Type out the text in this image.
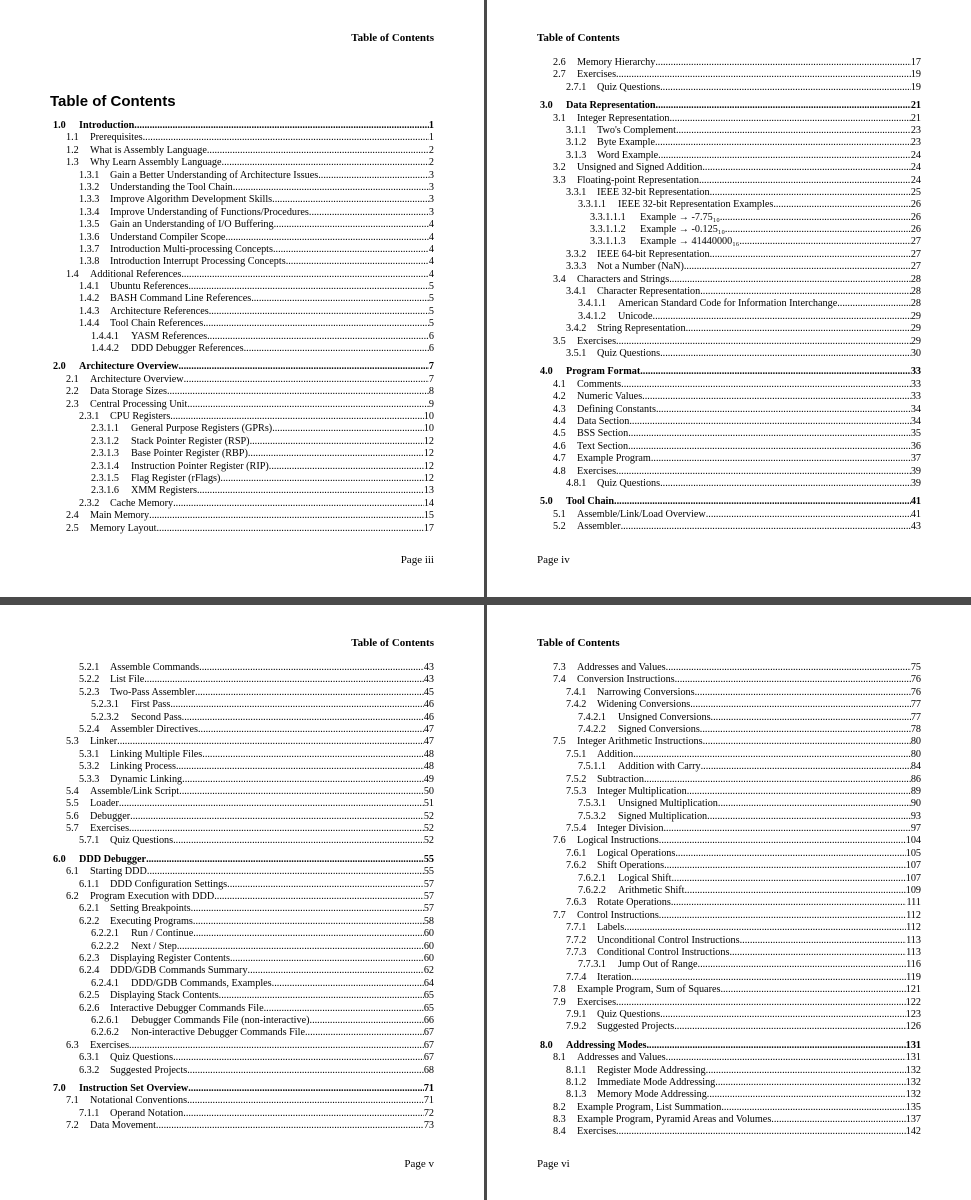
Table of Contents
Table of Contents
1.0	Introduction .....	1
1.1	Prerequisites .....	1
1.2	What is Assembly Language .....	2
1.3	Why Learn Assembly Language .....	2
1.3.1	Gain a Better Understanding of Architecture Issues .....	3
1.3.2	Understanding the Tool Chain .....	3
1.3.3	Improve Algorithm Development Skills .....	3
1.3.4	Improve Understanding of Functions/Procedures .....	3
1.3.5	Gain an Understanding of I/O Buffering .....	4
1.3.6	Understand Compiler Scope .....	4
1.3.7	Introduction Multi-processing Concepts .....	4
1.3.8	Introduction Interrupt Processing Concepts .....	4
1.4	Additional References .....	4
1.4.1	Ubuntu References .....	5
1.4.2	BASH Command Line References .....	5
1.4.3	Architecture References .....	5
1.4.4	Tool Chain References .....	5
1.4.4.1	YASM References .....	6
1.4.4.2	DDD Debugger References .....	6
2.0	Architecture Overview .....	7
2.1	Architecture Overview .....	7
2.2	Data Storage Sizes .....	8
2.3	Central Processing Unit .....	9
2.3.1	CPU Registers .....	10
2.3.1.1	General Purpose Registers (GPRs) .....	10
2.3.1.2	Stack Pointer Register (RSP) .....	12
2.3.1.3	Base Pointer Register (RBP) .....	12
2.3.1.4	Instruction Pointer Register (RIP) .....	12
2.3.1.5	Flag Register (rFlags) .....	12
2.3.1.6	XMM Registers .....	13
2.3.2	Cache Memory .....	14
2.4	Main Memory .....	15
2.5	Memory Layout .....	17
Page iii
Table of Contents
2.6	Memory Hierarchy .....	17
2.7	Exercises .....	19
2.7.1	Quiz Questions .....	19
3.0	Data Representation .....	21
3.1	Integer Representation .....	21
3.1.1	Two's Complement .....	23
3.1.2	Byte Example .....	23
3.1.3	Word Example .....	24
3.2	Unsigned and Signed Addition .....	24
3.3	Floating-point Representation .....	24
3.3.1	IEEE 32-bit Representation .....	25
3.3.1.1	IEEE 32-bit Representation Examples .....	26
3.3.1.1.1	Example → -7.75₁₀ .....	26
3.3.1.1.2	Example → -0.125₁₀ .....	26
3.3.1.1.3	Example → 41440000₁₆ .....	27
3.3.2	IEEE 64-bit Representation .....	27
3.3.3	Not a Number (NaN) .....	27
3.4	Characters and Strings .....	28
3.4.1	Character Representation .....	28
3.4.1.1	American Standard Code for Information Interchange .....	28
3.4.1.2	Unicode .....	29
3.4.2	String Representation .....	29
3.5	Exercises .....	29
3.5.1	Quiz Questions .....	30
4.0	Program Format .....	33
4.1	Comments .....	33
4.2	Numeric Values .....	33
4.3	Defining Constants .....	34
4.4	Data Section .....	34
4.5	BSS Section .....	35
4.6	Text Section .....	36
4.7	Example Program .....	37
4.8	Exercises .....	39
4.8.1	Quiz Questions .....	39
5.0	Tool Chain .....	41
5.1	Assemble/Link/Load Overview .....	41
5.2	Assembler .....	43
Page iv
Table of Contents
5.2.1	Assemble Commands .....	43
5.2.2	List File .....	43
5.2.3	Two-Pass Assembler .....	45
5.2.3.1	First Pass .....	46
5.2.3.2	Second Pass .....	46
5.2.4	Assembler Directives .....	47
5.3	Linker .....	47
5.3.1	Linking Multiple Files .....	48
5.3.2	Linking Process .....	48
5.3.3	Dynamic Linking .....	49
5.4	Assemble/Link Script .....	50
5.5	Loader .....	51
5.6	Debugger .....	52
5.7	Exercises .....	52
5.7.1	Quiz Questions .....	52
6.0	DDD Debugger .....	55
6.1	Starting DDD .....	55
6.1.1	DDD Configuration Settings .....	57
6.2	Program Execution with DDD .....	57
6.2.1	Setting Breakpoints .....	57
6.2.2	Executing Programs .....	58
6.2.2.1	Run / Continue .....	60
6.2.2.2	Next / Step .....	60
6.2.3	Displaying Register Contents .....	60
6.2.4	DDD/GDB Commands Summary .....	62
6.2.4.1	DDD/GDB Commands, Examples .....	64
6.2.5	Displaying Stack Contents .....	65
6.2.6	Interactive Debugger Commands File .....	65
6.2.6.1	Debugger Commands File (non-interactive) .....	66
6.2.6.2	Non-interactive Debugger Commands File .....	67
6.3	Exercises .....	67
6.3.1	Quiz Questions .....	67
6.3.2	Suggested Projects .....	68
7.0	Instruction Set Overview .....	71
7.1	Notational Conventions .....	71
7.1.1	Operand Notation .....	72
7.2	Data Movement .....	73
Page v
Table of Contents
7.3	Addresses and Values .....	75
7.4	Conversion Instructions .....	76
7.4.1	Narrowing Conversions .....	76
7.4.2	Widening Conversions .....	77
7.4.2.1	Unsigned Conversions .....	77
7.4.2.2	Signed Conversions .....	78
7.5	Integer Arithmetic Instructions .....	80
7.5.1	Addition .....	80
7.5.1.1	Addition with Carry .....	84
7.5.2	Subtraction .....	86
7.5.3	Integer Multiplication .....	89
7.5.3.1	Unsigned Multiplication .....	90
7.5.3.2	Signed Multiplication .....	93
7.5.4	Integer Division .....	97
7.6	Logical Instructions .....	104
7.6.1	Logical Operations .....	105
7.6.2	Shift Operations .....	107
7.6.2.1	Logical Shift .....	107
7.6.2.2	Arithmetic Shift .....	109
7.6.3	Rotate Operations .....	111
7.7	Control Instructions .....	112
7.7.1	Labels .....	112
7.7.2	Unconditional Control Instructions .....	113
7.7.3	Conditional Control Instructions .....	113
7.7.3.1	Jump Out of Range .....	116
7.7.4	Iteration .....	119
7.8	Example Program, Sum of Squares .....	121
7.9	Exercises .....	122
7.9.1	Quiz Questions .....	123
7.9.2	Suggested Projects .....	126
8.0	Addressing Modes .....	131
8.1	Addresses and Values .....	131
8.1.1	Register Mode Addressing .....	132
8.1.2	Immediate Mode Addressing .....	132
8.1.3	Memory Mode Addressing .....	132
8.2	Example Program, List Summation .....	135
8.3	Example Program, Pyramid Areas and Volumes .....	137
8.4	Exercises .....	142
Page vi
